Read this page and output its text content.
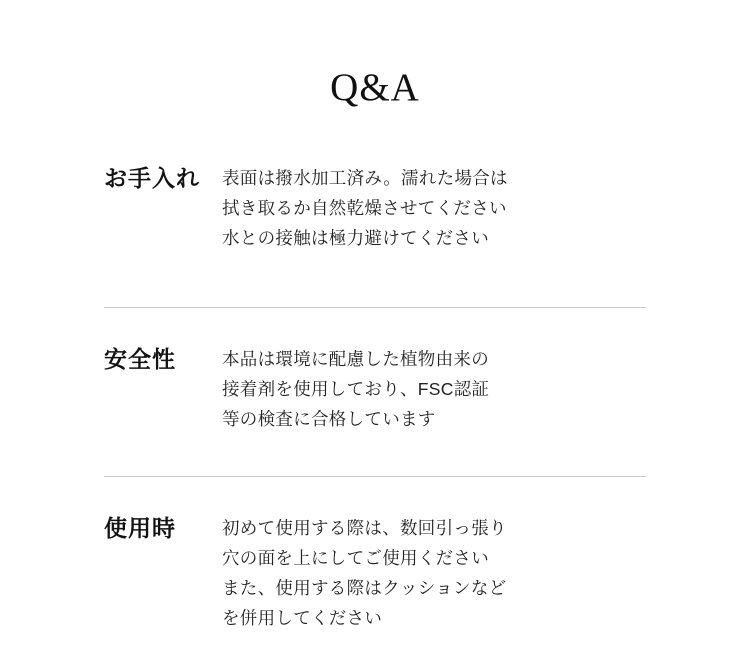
Q&A
お手入れ	表面は撥水加工済み。濡れた場合は
拭き取るか自然乾燥させてください
水との接触は極力避けてください
安全性	本品は環境に配慮した植物由来の
接着剤を使用しており、FSC認証
等の検査に合格しています
使用時	初めて使用する際は、数回引っ張り
穴の面を上にしてご使用ください
また、使用する際はクッションなど
を併用してください
